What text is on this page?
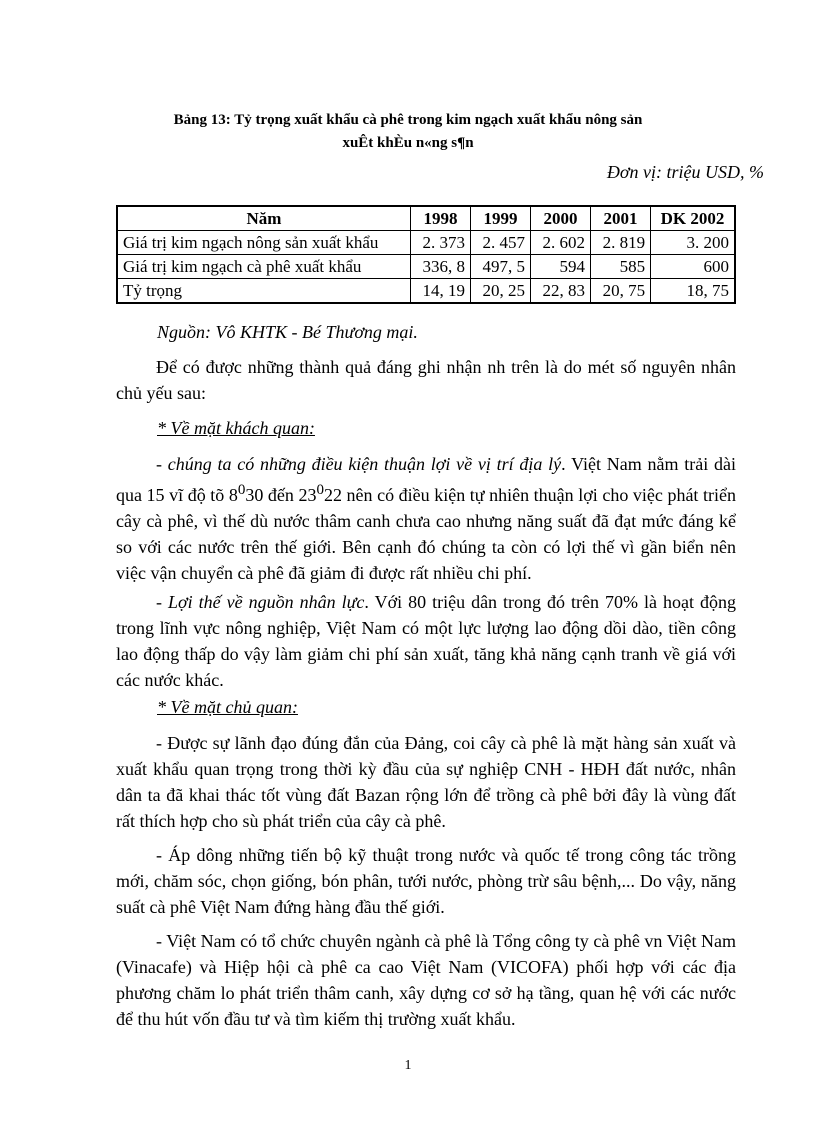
Bảng 13: Tỷ trọng xuất khẩu cà phê trong kim ngạch xuất khẩu nông sản
xuÊt khÈu n«ng s¶n
Đơn vị: triệu USD, %
Năm	1998	1999	2000	2001	DK 2002
Giá trị kim ngạch nông sản xuất khẩu	2. 373	2. 457	2. 602	2. 819	3. 200
Giá trị kim ngạch cà phê xuất khẩu	336, 8	497, 5	594	585	600
Tỷ trọng	14, 19	20, 25	22, 83	20, 75	18, 75
Nguồn: Vô KHTK - Bé Thương mại.

Để có được những thành quả đáng ghi nhận nh trên là do mét số nguyên nhân chủ yếu sau:

* Về mặt khách quan:

- chúng ta có những điều kiện thuận lợi về vị trí địa lý. Việt Nam nằm trải dài qua 15 vĩ độ tõ $8^030$ đến $23^022$ nên có điều kiện tự nhiên thuận lợi cho việc phát triển cây cà phê, vì thế dù nước thâm canh chưa cao nhưng năng suất đã đạt mức đáng kể so với các nước trên thế giới. Bên cạnh đó chúng ta còn có lợi thế vì gần biển nên việc vận chuyển cà phê đã giảm đi được rất nhiều chi phí.

- Lợi thế về nguồn nhân lực. Với 80 triệu dân trong đó trên 70% là hoạt động trong lĩnh vực nông nghiệp, Việt Nam có một lực lượng lao động dồi dào, tiền công lao động thấp do vậy làm giảm chi phí sản xuất, tăng khả năng cạnh tranh về giá với các nước khác.

* Về mặt chủ quan:

- Được sự lãnh đạo đúng đắn của Đảng, coi cây cà phê là mặt hàng sản xuất và xuất khẩu quan trọng trong thời kỳ đầu của sự nghiệp CNH - HĐH đất nước, nhân dân ta đã khai thác tốt vùng đất Bazan rộng lớn để trồng cà phê bởi đây là vùng đất rất thích hợp cho sù phát triển của cây cà phê.

- Áp dông những tiến bộ kỹ thuật trong nước và quốc tế trong công tác trồng mới, chăm sóc, chọn giống, bón phân, tưới nước, phòng trừ sâu bệnh,... Do vậy, năng suất cà phê Việt Nam đứng hàng đầu thế giới.

- Việt Nam có tổ chức chuyên ngành cà phê là Tổng công ty cà phê vn Việt Nam (Vinacafe) và Hiệp hội cà phê ca cao Việt Nam (VICOFA) phối hợp với các địa phương chăm lo phát triển thâm canh, xây dựng cơ sở hạ tầng, quan hệ với các nước để thu hút vốn đầu tư và tìm kiếm thị trường xuất khẩu.

1
